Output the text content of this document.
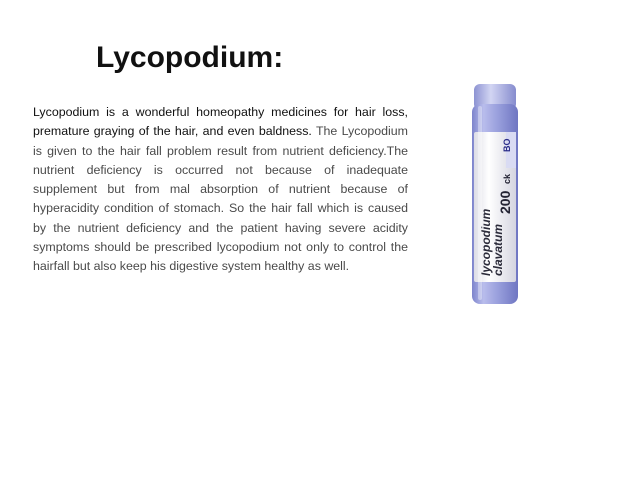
Lycopodium:
Lycopodium is a wonderful homeopathy medicines for hair loss, premature graying of the hair, and even baldness. The Lycopodium is given to the hair fall problem result from nutrient deficiency.The nutrient deficiency is occurred not because of inadequate supplement but from mal absorption of nutrient because of hyperacidity condition of stomach. So the hair fall which is caused by the nutrient deficiency and the patient having severe acidity symptoms should be prescribed lycopodium not only to control the hairfall but also keep his digestive system healthy as well.
BO
200
ck
lycopodium
clavatum
